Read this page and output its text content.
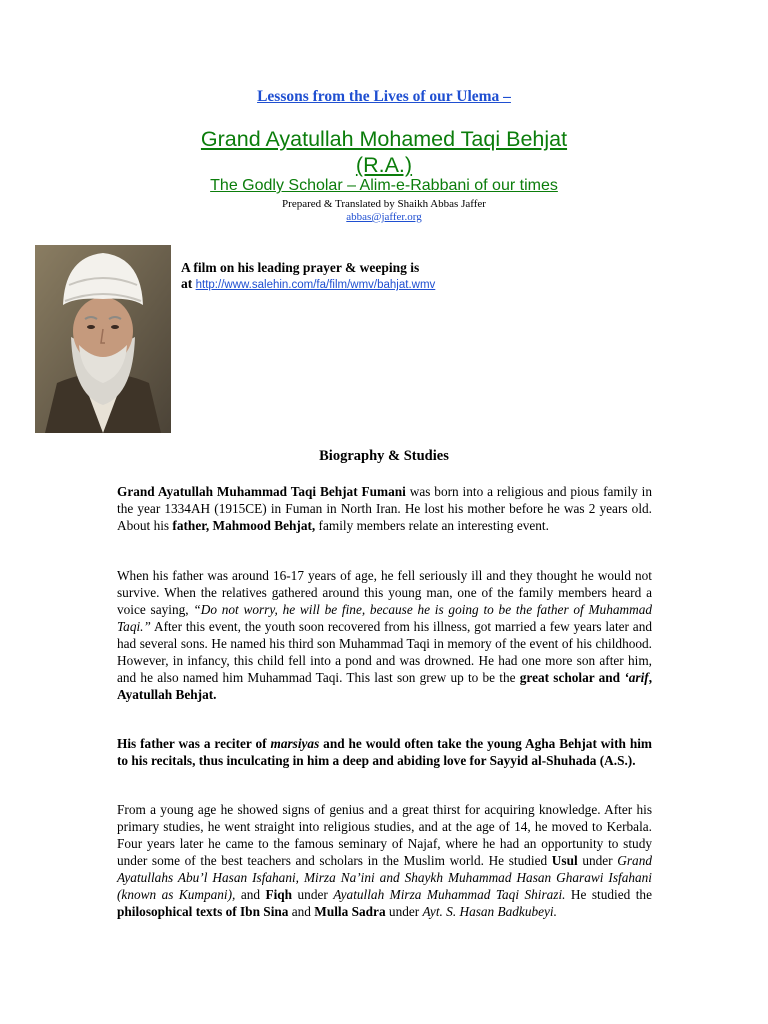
Lessons from the Lives of our Ulema –
Grand Ayatullah Mohamed Taqi Behjat
(R.A.)
The Godly Scholar – Alim-e-Rabbani of our times
Prepared & Translated by Shaikh Abbas Jaffer
abbas@jaffer.org
A film on his leading prayer & weeping is
at http://www.salehin.com/fa/film/wmv/bahjat.wmv
Biography & Studies

Grand Ayatullah Muhammad Taqi Behjat Fumani was born into a religious and pious family in the year 1334AH (1915CE) in Fuman in North Iran. He lost his mother before he was 2 years old. About his father, Mahmood Behjat, family members relate an interesting event.

When his father was around 16-17 years of age, he fell seriously ill and they thought he would not survive. When the relatives gathered around this young man, one of the family members heard a voice saying, “Do not worry, he will be fine, because he is going to be the father of Muhammad Taqi.” After this event, the youth soon recovered from his illness, got married a few years later and had several sons. He named his third son Muhammad Taqi in memory of the event of his childhood. However, in infancy, this child fell into a pond and was drowned. He had one more son after him, and he also named him Muhammad Taqi. This last son grew up to be the great scholar and ‘arif, Ayatullah Behjat.

His father was a reciter of marsiyas and he would often take the young Agha Behjat with him to his recitals, thus inculcating in him a deep and abiding love for Sayyid al-Shuhada (A.S.).

From a young age he showed signs of genius and a great thirst for acquiring knowledge. After his primary studies, he went straight into religious studies, and at the age of 14, he moved to Kerbala. Four years later he came to the famous seminary of Najaf, where he had an opportunity to study under some of the best teachers and scholars in the Muslim world. He studied Usul under Grand Ayatullahs Abu’l Hasan Isfahani, Mirza Na’ini and Shaykh Muhammad Hasan Gharawi Isfahani (known as Kumpani), and Fiqh under Ayatullah Mirza Muhammad Taqi Shirazi. He studied the philosophical texts of Ibn Sina and Mulla Sadra under Ayt. S. Hasan Badkubeyi.
